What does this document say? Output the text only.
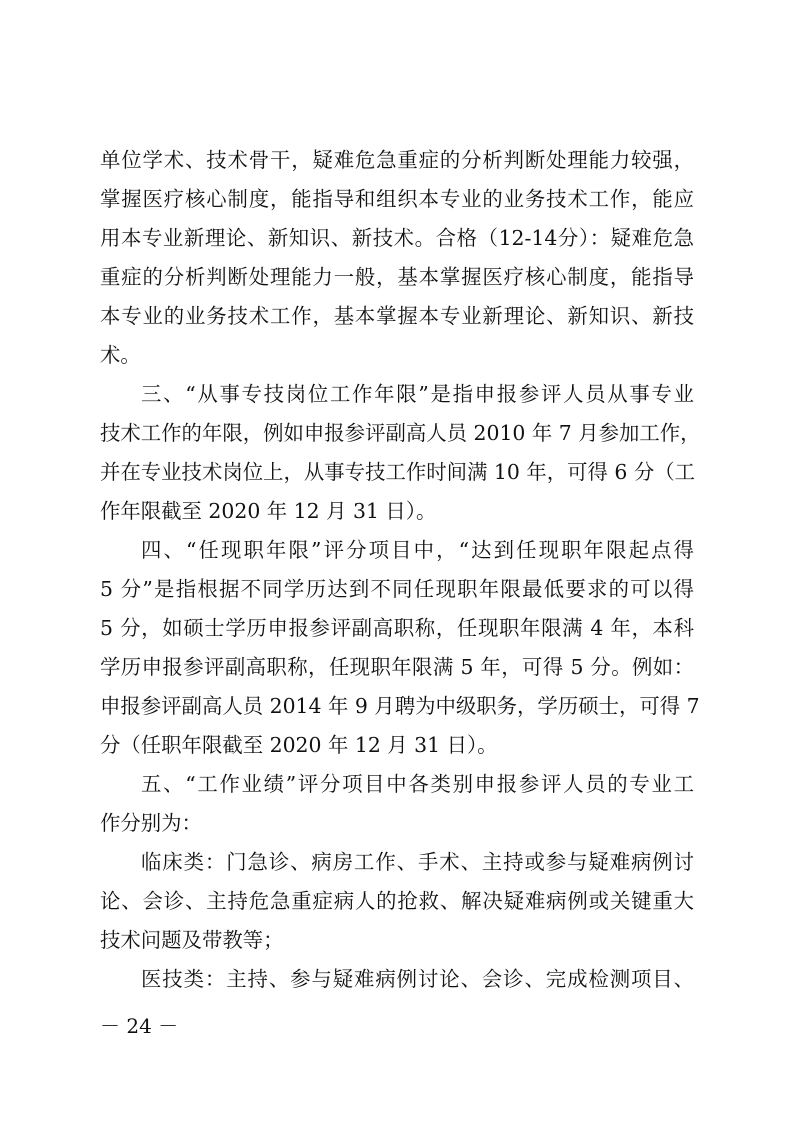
单位学术、技术骨干，疑难危急重症的分析判断处理能力较强，
掌握医疗核心制度，能指导和组织本专业的业务技术工作，能应
用本专业新理论、新知识、新技术。合格（12-14分）：疑难危急
重症的分析判断处理能力一般，基本掌握医疗核心制度，能指导
本专业的业务技术工作，基本掌握本专业新理论、新知识、新技
术。
三、“从事专技岗位工作年限”是指申报参评人员从事专业
技术工作的年限，例如申报参评副高人员 2010 年 7 月参加工作，
并在专业技术岗位上，从事专技工作时间满 10 年，可得 6 分（工
作年限截至 2020 年 12 月 31 日）。
四、“任现职年限”评分项目中，“达到任现职年限起点得
5 分”是指根据不同学历达到不同任现职年限最低要求的可以得
5 分，如硕士学历申报参评副高职称，任现职年限满 4 年，本科
学历申报参评副高职称，任现职年限满 5 年，可得 5 分。例如：
申报参评副高人员 2014 年 9 月聘为中级职务，学历硕士，可得 7
分（任职年限截至 2020 年 12 月 31 日）。
五、“工作业绩”评分项目中各类别申报参评人员的专业工
作分别为：
临床类：门急诊、病房工作、手术、主持或参与疑难病例讨
论、会诊、主持危急重症病人的抢救、解决疑难病例或关键重大
技术问题及带教等；
医技类：主持、参与疑难病例讨论、会诊、完成检测项目、
－ 24 －
